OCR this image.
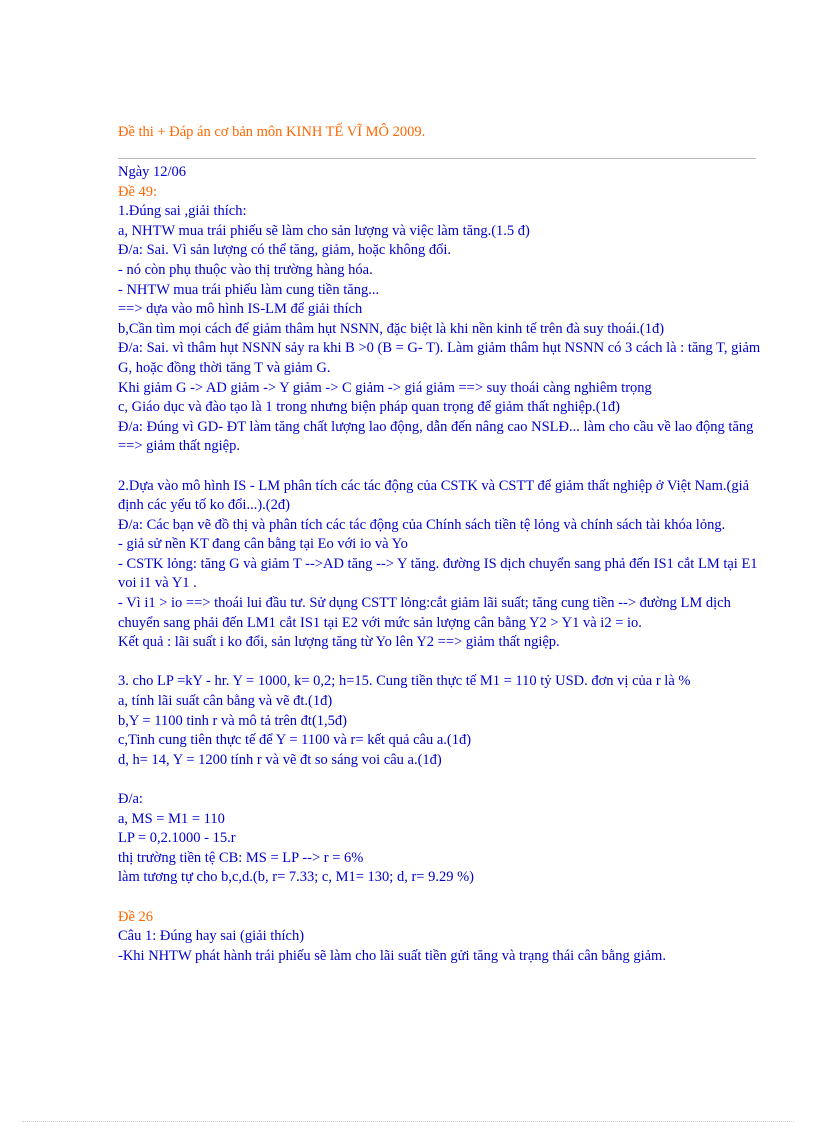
Đề thi + Đáp án cơ bản môn KINH TẾ VĨ MÔ 2009.

Ngày 12/06

Đề 49:

1.Đúng sai ,giải thích:

a, NHTW mua trái phiếu sẽ làm cho sản lượng và việc làm tăng.(1.5 đ)

Đ/a: Sai. Vì sản lượng có thể tăng, giảm, hoặc không đổi.

- nó còn phụ thuộc vào thị trường hàng hóa.

- NHTW mua trái phiếu làm cung tiền tăng...

==> dựa vào mô hình IS-LM để giải thích

b,Cần tìm mọi cách để giảm thâm hụt NSNN, đặc biệt là khi nền kinh tế trên đà suy thoái.(1đ)

Đ/a: Sai. vì thâm hụt NSNN sảy ra khi B >0 (B = G- T). Làm giảm thâm hụt NSNN có 3 cách là : tăng T, giảm G, hoặc đồng thời tăng T và giảm G.

Khi giảm G -> AD giảm -> Y giảm -> C giảm -> giá giảm ==> suy thoái càng nghiêm trọng

c, Giáo dục và đào tạo là 1 trong nhưng biện pháp quan trọng để giảm thất nghiệp.(1đ)

Đ/a: Đúng vì GD- ĐT làm tăng chất lượng lao động, dẫn đến nâng cao NSLĐ... làm cho cầu về lao động tăng ==> giảm thất ngiệp.

2.Dựa vào mô hình IS - LM phân tích các tác động của CSTK và CSTT để giảm thất nghiệp ở Việt Nam.(giả định các yếu tố ko đổi...).(2đ)

Đ/a: Các bạn vẽ đồ thị và phân tích các tác động của Chính sách tiền tệ lỏng và chính sách tài khóa lỏng.

- giả sử nền KT đang cân bằng tại Eo với io và Yo

- CSTK lỏng: tăng G và giảm T -->AD tăng --> Y tăng. đường IS dịch chuyển sang phả đến IS1 cắt LM tại E1 voi i1 và Y1 .

- Vì i1 > io ==> thoái lui đầu tư. Sử dụng CSTT lỏng:cắt giảm lãi suất; tăng cung tiền --> đường LM dịch chuyển sang phải đến LM1 cắt IS1 tại E2 với mức sản lượng cân bằng Y2 > Y1 và i2 = io.

Kết quả : lãi suất i ko đổi, sản lượng tăng từ Yo lên Y2 ==> giảm thất ngiệp.

3. cho LP =kY - hr. Y = 1000, k= 0,2; h=15. Cung tiền thực tế M1 = 110 tỷ USD. đơn vị của r là %

a, tính lãi suất cân bằng và vẽ đt.(1đ)

b,Y = 1100 tinh r và mô tả trên đt(1,5đ)

c,Tinh cung tiên thực tế để Y = 1100 và r= kết quả câu a.(1đ)

d, h= 14, Y = 1200 tính r và vẽ đt so sáng voi câu a.(1đ)

Đ/a:

a, MS = M1 = 110

LP = 0,2.1000 - 15.r

thị trường tiền tệ CB: MS = LP --> r = 6%

làm tương tự cho b,c,d.(b, r= 7.33; c, M1= 130; d, r= 9.29 %)

Đề 26

Câu 1: Đúng hay sai (giải thích)

-Khi NHTW phát hành trái phiếu sẽ làm cho lãi suất tiền gửi tăng và trạng thái cân bằng giảm.
